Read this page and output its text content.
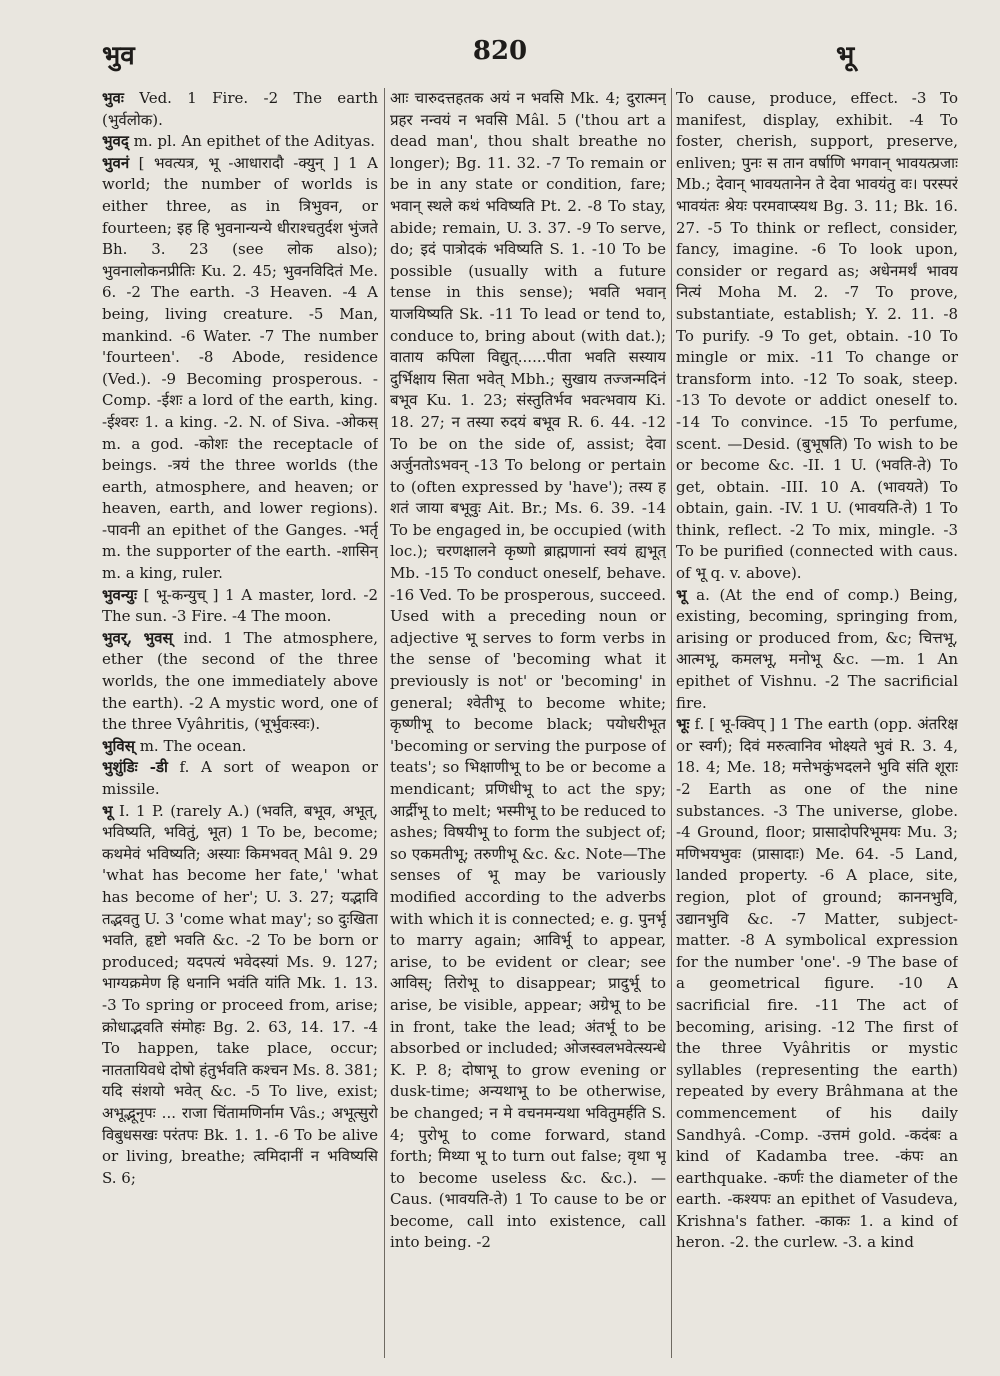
भुव	820	भू

भुवः Ved. 1 Fire. -2 The earth (भुर्वलोक).

भुवद्‌ m. pl. An epithet of the Adityas.

भुवनं [ भवत्यत्र, भू -आधारादौ -क्युन् ] 1 A world; the number of worlds is either three, as in त्रिभुवन, or fourteen; इह हि भुवनान्यन्ये धीराश्चतुर्दश भुंजते Bh. 3. 23 (see लोक also); भुवनालोकनप्रीतिः Ku. 2. 45; भुवनविदितं Me. 6. -2 The earth. -3 Heaven. -4 A being, living creature. -5 Man, mankind. -6 Water. -7 The number 'fourteen'. -8 Abode, residence (Ved.). -9 Becoming prosperous. -Comp. -ईशः a lord of the earth, king. -ईश्वरः 1. a king. -2. N. of Siva. -ओकस् m. a god. -कोशः the receptacle of beings. -त्रयं the three worlds (the earth, atmosphere, and heaven; or heaven, earth, and lower regions). -पावनी an epithet of the Ganges. -भर्तृ m. the supporter of the earth. -शासिन् m. a king, ruler.

भुवन्युः [ भू-कन्युच् ] 1 A master, lord. -2 The sun. -3 Fire. -4 The moon.

भुवर्, भुवस् ind. 1 The atmosphere, ether (the second of the three worlds, the one immediately above the earth). -2 A mystic word, one of the three Vyâhritis, (भूर्भुवःस्वः).

भुविस् m. The ocean.

भुशुंडिः -डी f. A sort of weapon or missile.

भू I. 1 P. (rarely A.) (भवति, बभूव, अभूत्, भविष्यति, भवितुं, भूत) 1 To be, become; कथमेवं भविष्यति; अस्याः किमभवत् Mâl 9. 29 'what has become her fate,' 'what has become of her'; U. 3. 27; यद्भावि तद्भवतु U. 3 'come what may'; so दुःखिता भवति, हृष्टो भवति &c. -2 To be born or produced; यदपत्यं भवेदस्यां Ms. 9. 127; भाग्यक्रमेण हि धनानि भवंति यांति Mk. 1. 13. -3 To spring or proceed from, arise; क्रोधाद्भवति संमोहः Bg. 2. 63, 14. 17. -4 To happen, take place, occur; नाततायिवधे दोषो हंतुर्भवति कश्चन Ms. 8. 381; यदि संशयो भवेत् &c. -5 To live, exist; अभूद्भूनृपः ... राजा चिंतामणिर्नाम Vâs.; अभूत्सुरो विबुधसखः परंतपः Bk. 1. 1. -6 To be alive or living, breathe; त्वमिदानीं न भविष्यसि S. 6;

आः चारुदत्तहतक अयं न भवसि Mk. 4; दुरात्मन् प्रहर नन्वयं न भवसि Mâl. 5 ('thou art a dead man', thou shalt breathe no longer); Bg. 11. 32. -7 To remain or be in any state or condition, fare; भवान् स्थले कथं भविष्यति Pt. 2. -8 To stay, abide; remain, U. 3. 37. -9 To serve, do; इदं पात्रोदकं भविष्यति S. 1. -10 To be possible (usually with a future tense in this sense); भवति भवान् याजयिष्यति Sk. -11 To lead or tend to, conduce to, bring about (with dat.); वाताय कपिला विद्युत्......पीता भवति सस्याय दुर्भिक्षाय सिता भवेत् Mbh.; सुखाय तज्जन्मदिनं बभूव Ku. 1. 23; संस्तुतिर्भव भवत्भवाय Ki. 18. 27; न तस्या रुदयं बभूव R. 6. 44. -12 To be on the side of, assist; देवा अर्जुनतोऽभवन् -13 To belong or pertain to (often expressed by 'have'); तस्य ह शतं जाया बभूवुः Ait. Br.; Ms. 6. 39. -14 To be engaged in, be occupied (with loc.); चरणक्षालने कृष्णो ब्राह्मणानां स्वयं ह्यभूत् Mb. -15 To conduct oneself, behave. -16 Ved. To be prosperous, succeed. Used with a preceding noun or adjective भू serves to form verbs in the sense of 'becoming what it previously is not' or 'becoming' in general; श्वेतीभू to become white; कृष्णीभू to become black; पयोधरीभूत 'becoming or serving the purpose of teats'; so भिक्षाणीभू to be or become a mendicant; प्रणिधीभू to act the spy; आर्द्रीभू to melt; भस्मीभू to be reduced to ashes; विषयीभू to form the subject of; so एकमतीभू; तरुणीभू &c. &c. Note—The senses of भू may be variously modified according to the adverbs with which it is connected; e. g. पुनर्भू to marry again; आविर्भू to appear, arise, to be evident or clear; see आविस्; तिरोभू to disappear; प्रादुर्भू to arise, be visible, appear; अग्रेभू to be in front, take the lead; अंतर्भू to be absorbed or included; ओजस्वलभवेत्स्यन्धे K. P. 8; दोषाभू to grow evening or dusk-time; अन्यथाभू to be otherwise, be changed; न मे वचनमन्यथा भवितुमर्हति S. 4; पुरोभू to come forward, stand forth; मिथ्या भू to turn out false; वृथा भू to become useless &c. &c.). — Caus. (भावयति-ते) 1 To cause to be or become, call into existence, call into being. -2

To cause, produce, effect. -3 To manifest, display, exhibit. -4 To foster, cherish, support, preserve, enliven; पुनः स तान वर्षाणि भगवान् भावयत्प्रजाः Mb.; देवान् भावयतानेन ते देवा भावयंतु वः। परस्परं भावयंतः श्रेयः परमवाप्स्यथ Bg. 3. 11; Bk. 16. 27. -5 To think or reflect, consider, fancy, imagine. -6 To look upon, consider or regard as; अधेनमर्थं भावय नित्यं Moha M. 2. -7 To prove, substantiate, establish; Y. 2. 11. -8 To purify. -9 To get, obtain. -10 To mingle or mix. -11 To change or transform into. -12 To soak, steep. -13 To devote or addict oneself to. -14 To convince. -15 To perfume, scent. —Desid. (बुभूषति) To wish to be or become &c. -II. 1 U. (भवति-ते) To get, obtain. -III. 10 A. (भावयते) To obtain, gain. -IV. 1 U. (भावयति-ते) 1 To think, reflect. -2 To mix, mingle. -3 To be purified (connected with caus. of भू q. v. above).

भू a. (At the end of comp.) Being, existing, becoming, springing from, arising or produced from, &c; चित्तभू, आत्मभू, कमलभू, मनोभू &c. —m. 1 An epithet of Vishnu. -2 The sacrificial fire.

भूः f. [ भू-क्विप् ] 1 The earth (opp. अंतरिक्ष or स्वर्ग); दिवं मरुत्वानिव भोक्ष्यते भुवं R. 3. 4, 18. 4; Me. 18; मत्तेभकुंभदलने भुवि संति शूराः -2 Earth as one of the nine substances. -3 The universe, globe. -4 Ground, floor; प्रासादोपरिभूमयः Mu. 3; मणिभयभुवः (प्रासादाः) Me. 64. -5 Land, landed property. -6 A place, site, region, plot of ground; काननभुवि, उद्यानभुवि &c. -7 Matter, subject-matter. -8 A symbolical expression for the number 'one'. -9 The base of a geometrical figure. -10 A sacrificial fire. -11 The act of becoming, arising. -12 The first of the three Vyâhritis or mystic syllables (representing the earth) repeated by every Brâhmana at the commencement of his daily Sandhyâ. -Comp. -उत्तमं gold. -कदंबः a kind of Kadamba tree. -कंपः an earthquake. -कर्णः the diameter of the earth. -कश्यपः an epithet of Vasudeva, Krishna's father. -काकः 1. a kind of heron. -2. the curlew. -3. a kind
